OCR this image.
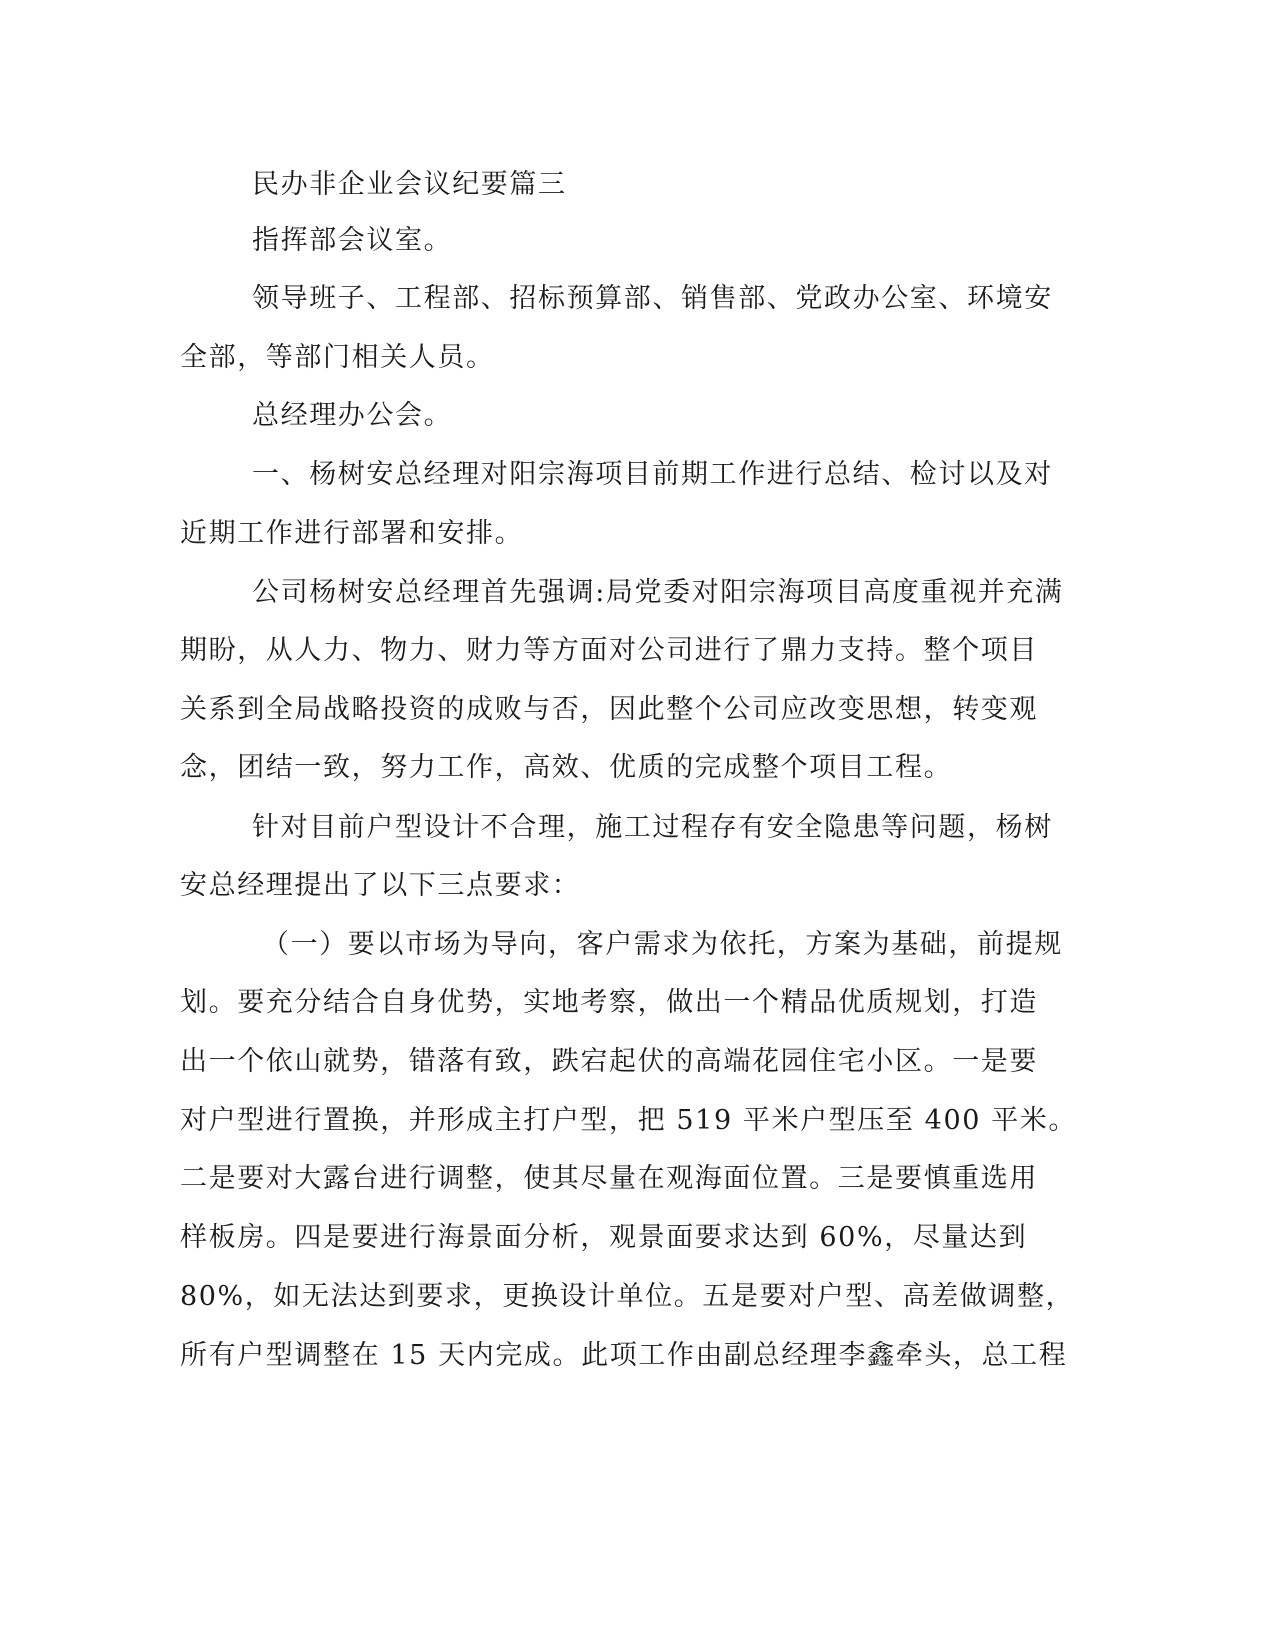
民办非企业会议纪要篇三
指挥部会议室。
领导班子、工程部、招标预算部、销售部、党政办公室、环境安
全部，等部门相关人员。
总经理办公会。
一、杨树安总经理对阳宗海项目前期工作进行总结、检讨以及对
近期工作进行部署和安排。
公司杨树安总经理首先强调:局党委对阳宗海项目高度重视并充满
期盼，从人力、物力、财力等方面对公司进行了鼎力支持。整个项目
关系到全局战略投资的成败与否，因此整个公司应改变思想，转变观
念，团结一致，努力工作，高效、优质的完成整个项目工程。
针对目前户型设计不合理，施工过程存有安全隐患等问题，杨树
安总经理提出了以下三点要求：
（一）要以市场为导向，客户需求为依托，方案为基础，前提规
划。要充分结合自身优势，实地考察，做出一个精品优质规划，打造
出一个依山就势，错落有致，跌宕起伏的高端花园住宅小区。一是要
对户型进行置换，并形成主打户型，把 519 平米户型压至 400 平米。
二是要对大露台进行调整，使其尽量在观海面位置。三是要慎重选用
样板房。四是要进行海景面分析，观景面要求达到 60%，尽量达到
80%，如无法达到要求，更换设计单位。五是要对户型、高差做调整，
所有户型调整在 15 天内完成。此项工作由副总经理李鑫牵头，总工程
